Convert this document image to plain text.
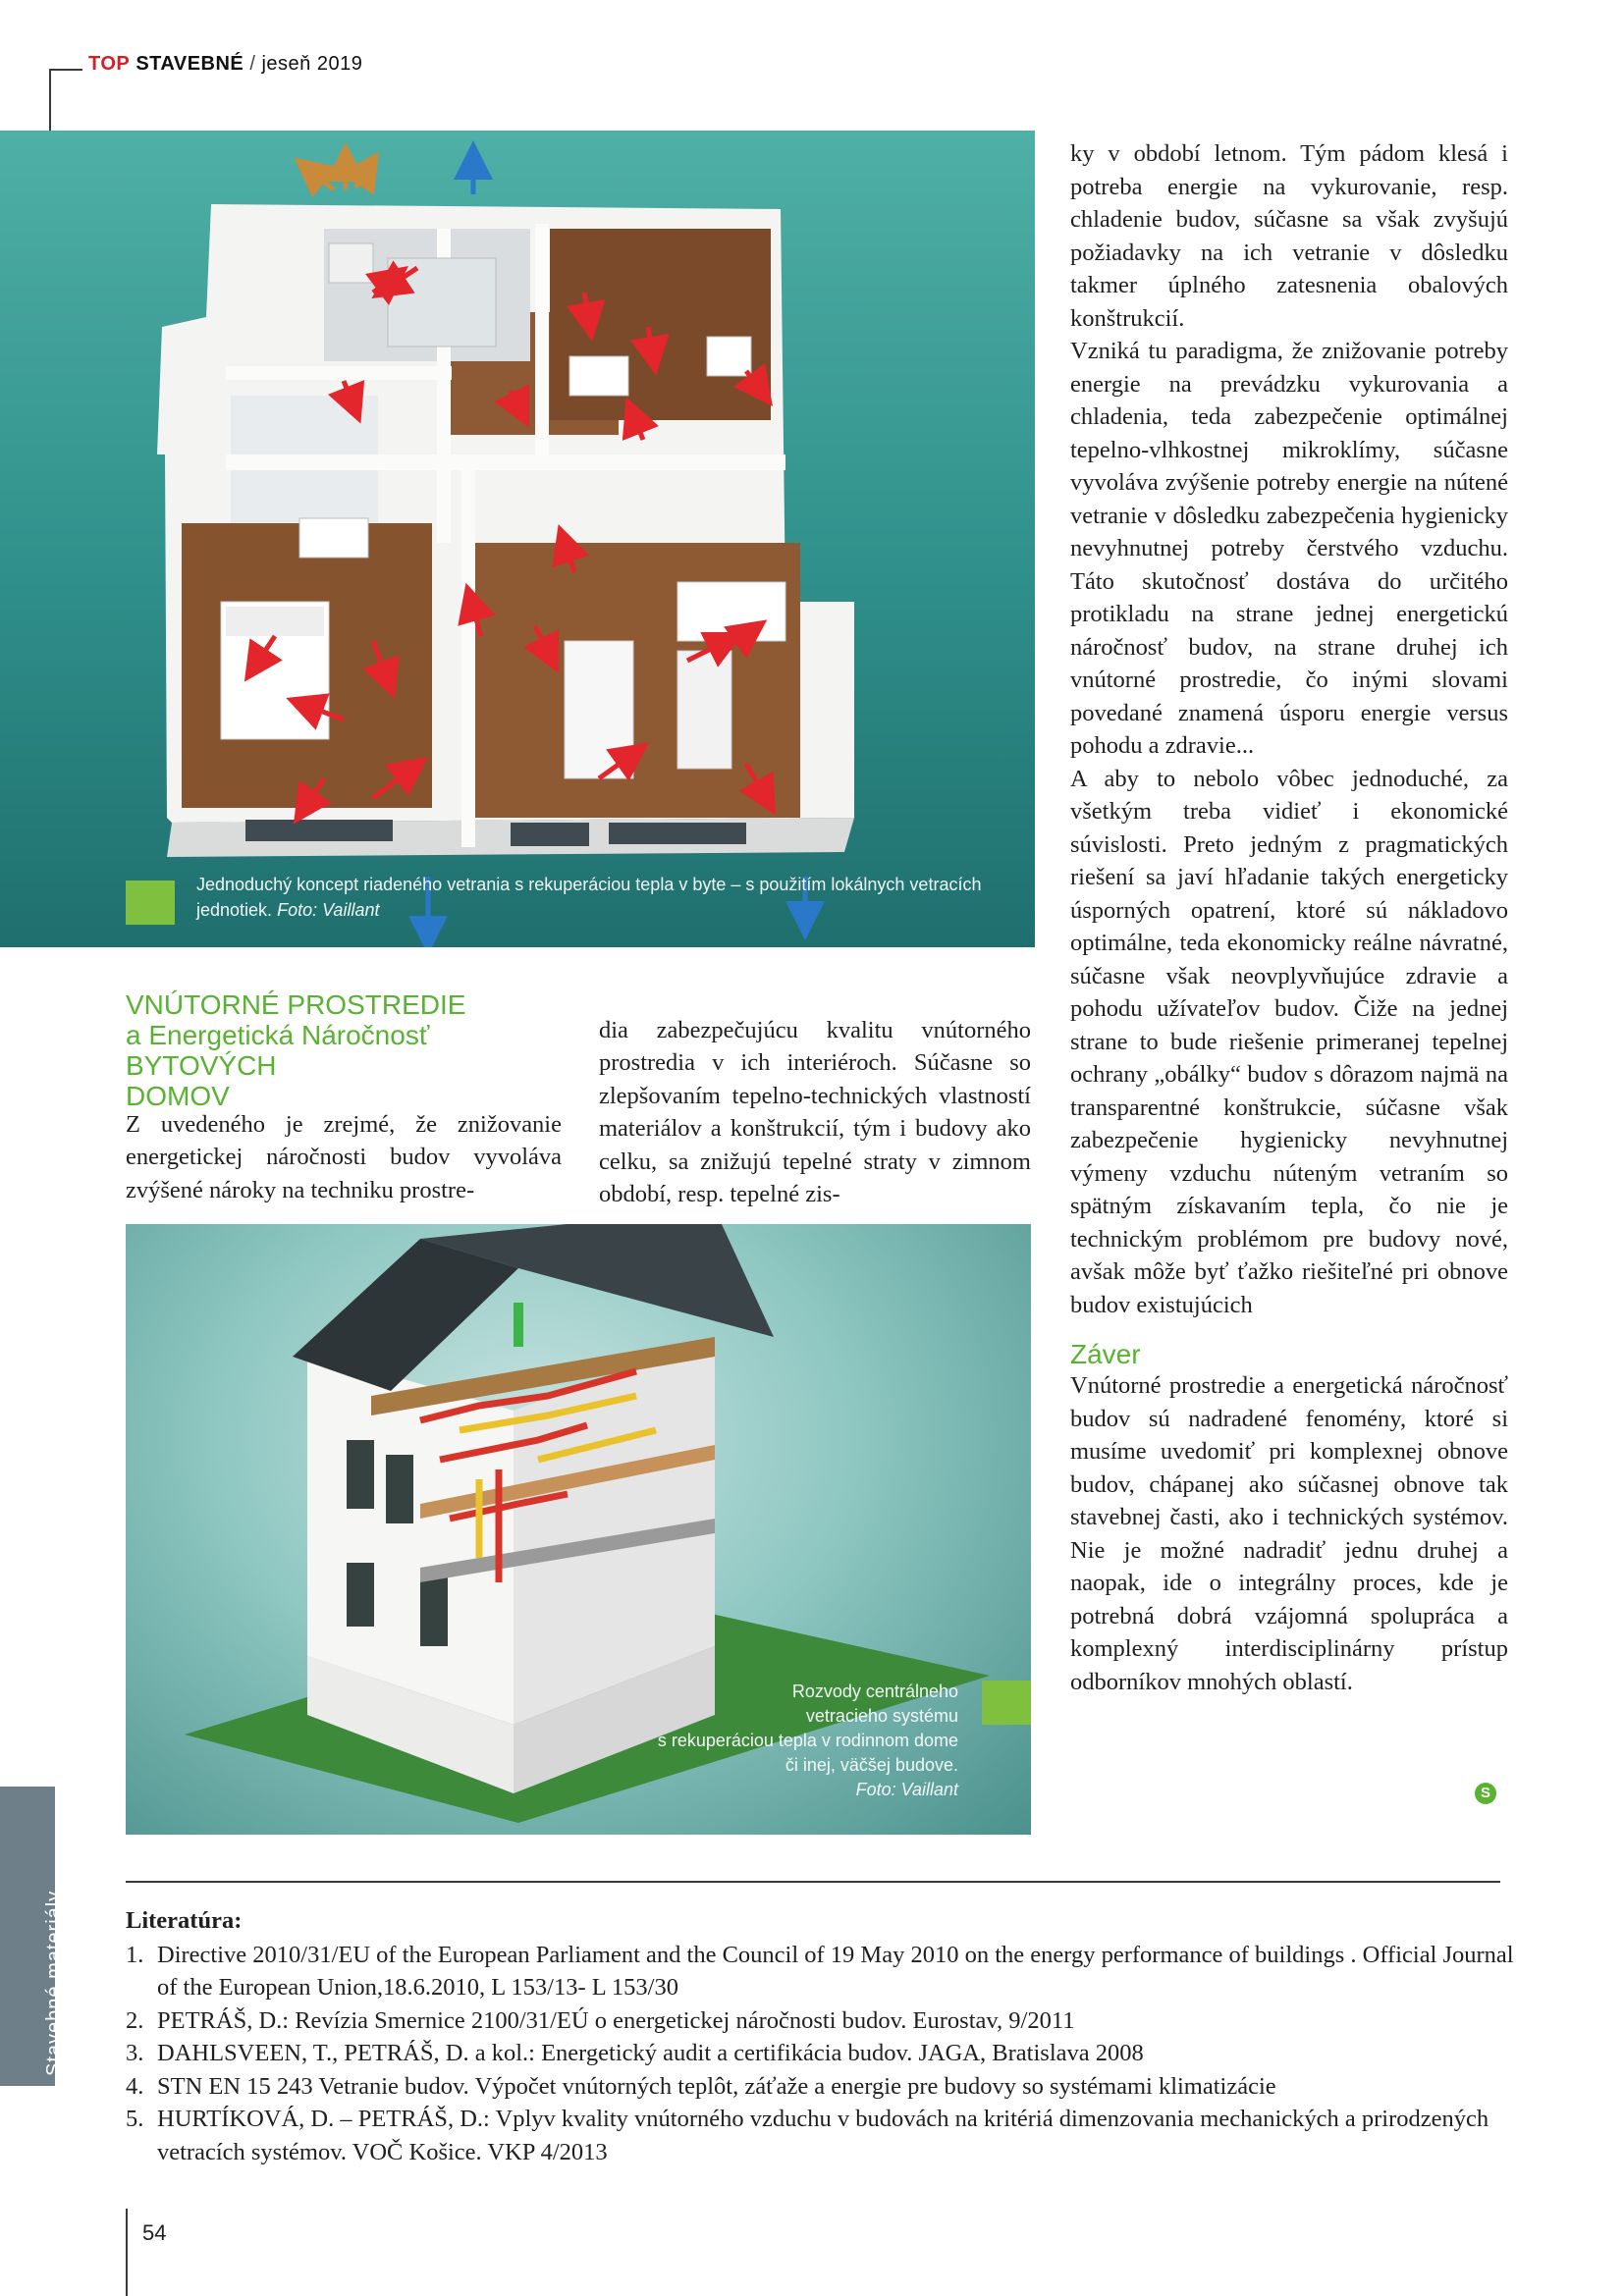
TOP STAVEBNÉ / jeseň 2019
Jednoduchý koncept riadeného vetrania s rekuperáciou tepla v byte – s použitím lokálnych vetracích jednotiek. Foto: Vaillant
VNÚTORNÉ PROSTREDIE
a Energetická Náročnosť BYTOVÝCH
DOMOV

Z uvedeného je zrejmé, že znižovanie energetickej náročnosti budov vyvoláva zvýšené nároky na techniku prostre-

dia zabezpečujúcu kvalitu vnútorného prostredia v ich interiéroch. Súčasne so zlepšovaním tepelno-technických vlastností materiálov a konštrukcií, tým i budovy ako celku, sa znižujú tepelné straty v zimnom období, resp. tepelné zis-

Rozvody centrálneho
vetracieho systému
s rekuperáciou tepla v rodinnom dome
či inej, väčšej budove.
Foto: Vaillant

ky v období letnom. Tým pádom klesá i potreba energie na vykurovanie, resp. chladenie budov, súčasne sa však zvyšujú požiadavky na ich vetranie v dôsledku takmer úplného zatesnenia obalových konštrukcií.

Vzniká tu paradigma, že znižovanie potreby energie na prevádzku vykurovania a chladenia, teda zabezpečenie optimálnej tepelno-vlhkostnej mikroklímy, súčasne vyvoláva zvýšenie potreby energie na nútené vetranie v dôsledku zabezpečenia hygienicky nevyhnutnej potreby čerstvého vzduchu. Táto skutočnosť dostáva do určitého protikladu na strane jednej energetickú náročnosť budov, na strane druhej ich vnútorné prostredie, čo inými slovami povedané znamená úsporu energie versus pohodu a zdravie...

A aby to nebolo vôbec jednoduché, za všetkým treba vidieť i ekonomické súvislosti. Preto jedným z pragmatických riešení sa javí hľadanie takých energeticky úsporných opatrení, ktoré sú nákladovo optimálne, teda ekonomicky reálne návratné, súčasne však neovplyvňujúce zdravie a pohodu užívateľov budov. Čiže na jednej strane to bude riešenie primeranej tepelnej ochrany „obálky“ budov s dôrazom najmä na transparentné konštrukcie, súčasne však zabezpečenie hygienicky nevyhnutnej výmeny vzduchu núteným vetraním so spätným získavaním tepla, čo nie je technickým problémom pre budovy nové, avšak môže byť ťažko riešiteľné pri obnove budov existujúcich

Záver

Vnútorné prostredie a energetická náročnosť budov sú nadradené fenomény, ktoré si musíme uvedomiť pri komplexnej obnove budov, chápanej ako súčasnej obnove tak stavebnej časti, ako i technických systémov. Nie je možné nadradiť jednu druhej a naopak, ide o integrálny proces, kde je potrebná dobrá vzájomná spolupráca a komplexný interdisciplinárny prístup odborníkov mnohých oblastí.

S
Stavebné materiály	Literatúra:
1. Directive 2010/31/EU of the European Parliament and the Council of 19 May 2010 on the energy performance of buildings . Official Journal of the European Union,18.6.2010, L 153/13- L 153/30
2. PETRÁŠ, D.: Revízia Smernice 2100/31/EÚ o energetickej náročnosti budov. Eurostav, 9/2011
3. DAHLSVEEN, T., PETRÁŠ, D. a kol.: Energetický audit a certifikácia budov. JAGA, Bratislava 2008
4. STN EN 15 243 Vetranie budov. Výpočet vnútorných teplôt, záťaže a energie pre budovy so systémami klimatizácie
5. HURTÍKOVÁ, D. – PETRÁŠ, D.: Vplyv kvality vnútorného vzduchu v budovách na kritériá dimenzovania mechanických a prirodzených vetracích systémov. VOČ Košice. VKP 4/2013
54
